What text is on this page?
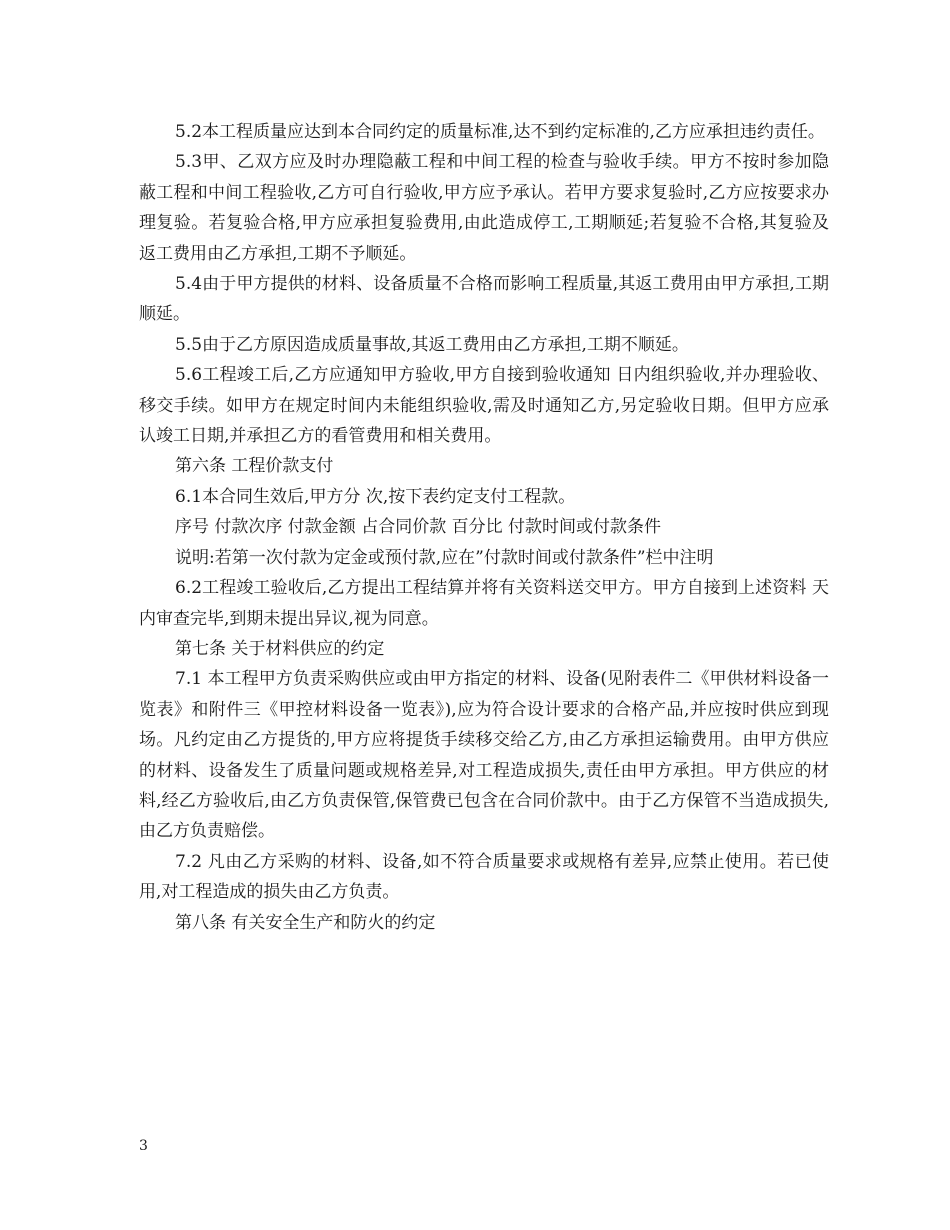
5.2本工程质量应达到本合同约定的质量标准,达不到约定标准的,乙方应承担违约责任。

5.3甲、乙双方应及时办理隐蔽工程和中间工程的检查与验收手续。甲方不按时参加隐蔽工程和中间工程验收,乙方可自行验收,甲方应予承认。若甲方要求复验时,乙方应按要求办理复验。若复验合格,甲方应承担复验费用,由此造成停工,工期顺延;若复验不合格,其复验及返工费用由乙方承担,工期不予顺延。

5.4由于甲方提供的材料、设备质量不合格而影响工程质量,其返工费用由甲方承担,工期顺延。

5.5由于乙方原因造成质量事故,其返工费用由乙方承担,工期不顺延。

5.6工程竣工后,乙方应通知甲方验收,甲方自接到验收通知 日内组织验收,并办理验收、移交手续。如甲方在规定时间内未能组织验收,需及时通知乙方,另定验收日期。但甲方应承认竣工日期,并承担乙方的看管费用和相关费用。

第六条 工程价款支付

6.1本合同生效后,甲方分 次,按下表约定支付工程款。

序号 付款次序 付款金额 占合同价款 百分比 付款时间或付款条件

说明:若第一次付款为定金或预付款,应在”付款时间或付款条件”栏中注明

6.2工程竣工验收后,乙方提出工程结算并将有关资料送交甲方。甲方自接到上述资料 天内审查完毕,到期未提出异议,视为同意。

第七条 关于材料供应的约定

7.1 本工程甲方负责采购供应或由甲方指定的材料、设备(见附表件二《甲供材料设备一览表》和附件三《甲控材料设备一览表》),应为符合设计要求的合格产品,并应按时供应到现场。凡约定由乙方提货的,甲方应将提货手续移交给乙方,由乙方承担运输费用。由甲方供应的材料、设备发生了质量问题或规格差异,对工程造成损失,责任由甲方承担。甲方供应的材料,经乙方验收后,由乙方负责保管,保管费已包含在合同价款中。由于乙方保管不当造成损失,由乙方负责赔偿。

7.2 凡由乙方采购的材料、设备,如不符合质量要求或规格有差异,应禁止使用。若已使用,对工程造成的损失由乙方负责。

第八条 有关安全生产和防火的约定

3
